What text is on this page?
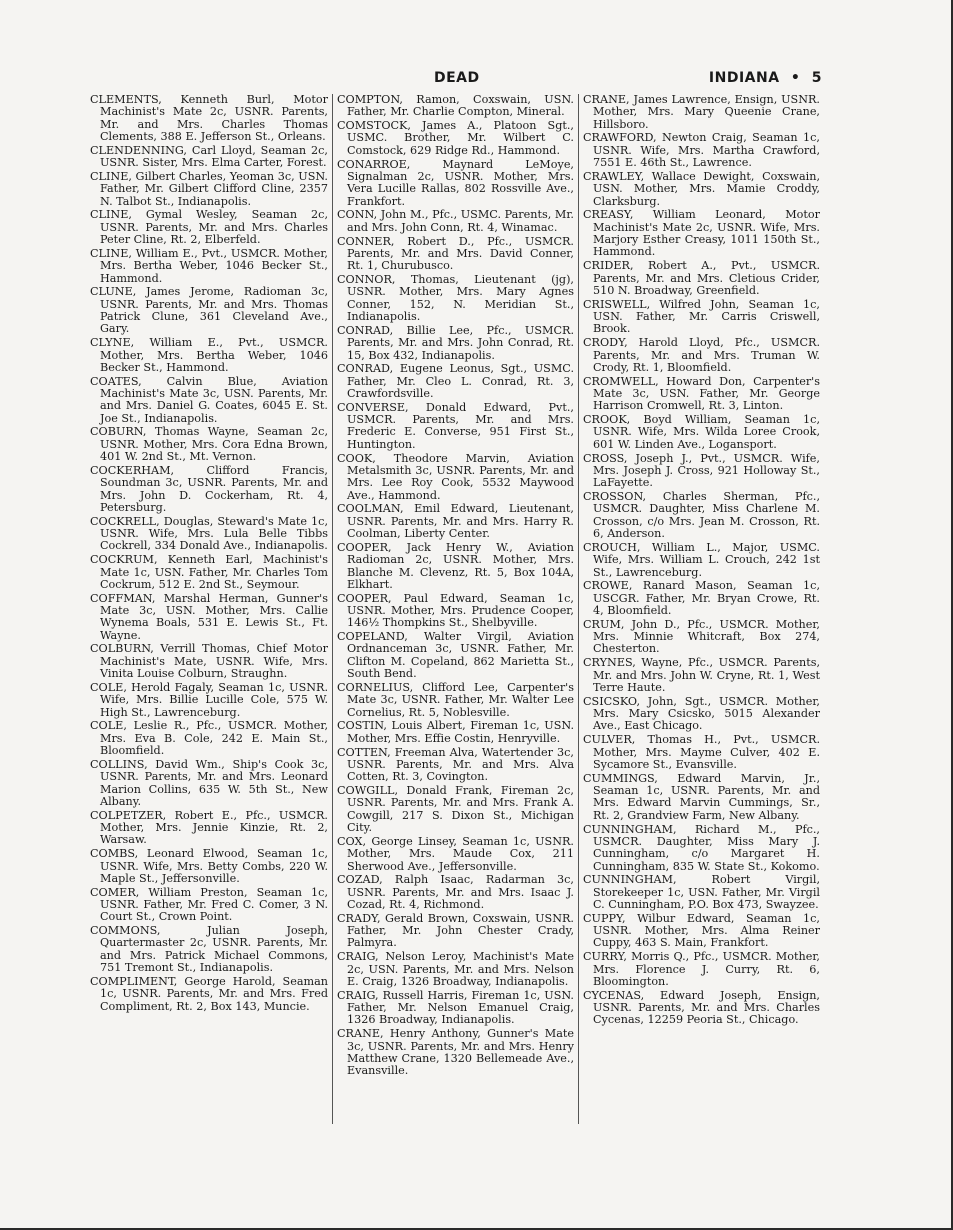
DEAD	INDIANA • 5

CLEMENTS, Kenneth Burl, Motor Machinist's Mate 2c, USNR. Parents, Mr. and Mrs. Charles Thomas Clements, 388 E. Jefferson St., Orleans.

CLENDENNING, Carl Lloyd, Seaman 2c, USNR. Sister, Mrs. Elma Carter, Forest.

CLINE, Gilbert Charles, Yeoman 3c, USN. Father, Mr. Gilbert Clifford Cline, 2357 N. Talbot St., Indianapolis.

CLINE, Gymal Wesley, Seaman 2c, USNR. Parents, Mr. and Mrs. Charles Peter Cline, Rt. 2, Elberfeld.

CLINE, William E., Pvt., USMCR. Mother, Mrs. Bertha Weber, 1046 Becker St., Hammond.

CLUNE, James Jerome, Radioman 3c, USNR. Parents, Mr. and Mrs. Thomas Patrick Clune, 361 Cleveland Ave., Gary.

CLYNE, William E., Pvt., USMCR. Mother, Mrs. Bertha Weber, 1046 Becker St., Hammond.

COATES, Calvin Blue, Aviation Machinist's Mate 3c, USN. Parents, Mr. and Mrs. Daniel G. Coates, 6045 E. St. Joe St., Indianapolis.

COBURN, Thomas Wayne, Seaman 2c, USNR. Mother, Mrs. Cora Edna Brown, 401 W. 2nd St., Mt. Vernon.

COCKERHAM, Clifford Francis, Soundman 3c, USNR. Parents, Mr. and Mrs. John D. Cockerham, Rt. 4, Petersburg.

COCKRELL, Douglas, Steward's Mate 1c, USNR. Wife, Mrs. Lula Belle Tibbs Cockrell, 334 Donald Ave., Indianapolis.

COCKRUM, Kenneth Earl, Machinist's Mate 1c, USN. Father, Mr. Charles Tom Cockrum, 512 E. 2nd St., Seymour.

COFFMAN, Marshal Herman, Gunner's Mate 3c, USN. Mother, Mrs. Callie Wynema Boals, 531 E. Lewis St., Ft. Wayne.

COLBURN, Verrill Thomas, Chief Motor Machinist's Mate, USNR. Wife, Mrs. Vinita Louise Colburn, Straughn.

COLE, Herold Fagaly, Seaman 1c, USNR. Wife, Mrs. Billie Lucille Cole, 575 W. High St., Lawrenceburg.

COLE, Leslie R., Pfc., USMCR. Mother, Mrs. Eva B. Cole, 242 E. Main St., Bloomfield.

COLLINS, David Wm., Ship's Cook 3c, USNR. Parents, Mr. and Mrs. Leonard Marion Collins, 635 W. 5th St., New Albany.

COLPETZER, Robert E., Pfc., USMCR. Mother, Mrs. Jennie Kinzie, Rt. 2, Warsaw.

COMBS, Leonard Elwood, Seaman 1c, USNR. Wife, Mrs. Betty Combs, 220 W. Maple St., Jeffersonville.

COMER, William Preston, Seaman 1c, USNR. Father, Mr. Fred C. Comer, 3 N. Court St., Crown Point.

COMMONS, Julian Joseph, Quartermaster 2c, USNR. Parents, Mr. and Mrs. Patrick Michael Commons, 751 Tremont St., Indianapolis.

COMPLIMENT, George Harold, Seaman 1c, USNR. Parents, Mr. and Mrs. Fred Compliment, Rt. 2, Box 143, Muncie.

COMPTON, Ramon, Coxswain, USN. Father, Mr. Charlie Compton, Mineral.

COMSTOCK, James A., Platoon Sgt., USMC. Brother, Mr. Wilbert C. Comstock, 629 Ridge Rd., Hammond.

CONARROE, Maynard LeMoye, Signalman 2c, USNR. Mother, Mrs. Vera Lucille Rallas, 802 Rossville Ave., Frankfort.

CONN, John M., Pfc., USMC. Parents, Mr. and Mrs. John Conn, Rt. 4, Winamac.

CONNER, Robert D., Pfc., USMCR. Parents, Mr. and Mrs. David Conner, Rt. 1, Churubusco.

CONNOR, Thomas, Lieutenant (jg), USNR. Mother, Mrs. Mary Agnes Conner, 152, N. Meridian St., Indianapolis.

CONRAD, Billie Lee, Pfc., USMCR. Parents, Mr. and Mrs. John Conrad, Rt. 15, Box 432, Indianapolis.

CONRAD, Eugene Leonus, Sgt., USMC. Father, Mr. Cleo L. Conrad, Rt. 3, Crawfordsville.

CONVERSE, Donald Edward, Pvt., USMCR. Parents, Mr. and Mrs. Frederic E. Converse, 951 First St., Huntington.

COOK, Theodore Marvin, Aviation Metalsmith 3c, USNR. Parents, Mr. and Mrs. Lee Roy Cook, 5532 Maywood Ave., Hammond.

COOLMAN, Emil Edward, Lieutenant, USNR. Parents, Mr. and Mrs. Harry R. Coolman, Liberty Center.

COOPER, Jack Henry W., Aviation Radioman 2c, USNR. Mother, Mrs. Blanche M. Clevenz, Rt. 5, Box 104A, Elkhart.

COOPER, Paul Edward, Seaman 1c, USNR. Mother, Mrs. Prudence Cooper, 146½ Thompkins St., Shelbyville.

COPELAND, Walter Virgil, Aviation Ordnanceman 3c, USNR. Father, Mr. Clifton M. Copeland, 862 Marietta St., South Bend.

CORNELIUS, Clifford Lee, Carpenter's Mate 3c, USNR. Father, Mr. Walter Lee Cornelius, Rt. 5, Noblesville.

COSTIN, Louis Albert, Fireman 1c, USN. Mother, Mrs. Effie Costin, Henryville.

COTTEN, Freeman Alva, Watertender 3c, USNR. Parents, Mr. and Mrs. Alva Cotten, Rt. 3, Covington.

COWGILL, Donald Frank, Fireman 2c, USNR. Parents, Mr. and Mrs. Frank A. Cowgill, 217 S. Dixon St., Michigan City.

COX, George Linsey, Seaman 1c, USNR. Mother, Mrs. Maude Cox, 211 Sherwood Ave., Jeffersonville.

COZAD, Ralph Isaac, Radarman 3c, USNR. Parents, Mr. and Mrs. Isaac J. Cozad, Rt. 4, Richmond.

CRADY, Gerald Brown, Coxswain, USNR. Father, Mr. John Chester Crady, Palmyra.

CRAIG, Nelson Leroy, Machinist's Mate 2c, USN. Parents, Mr. and Mrs. Nelson E. Craig, 1326 Broadway, Indianapolis.

CRAIG, Russell Harris, Fireman 1c, USN. Father, Mr. Nelson Emanuel Craig, 1326 Broadway, Indianapolis.

CRANE, Henry Anthony, Gunner's Mate 3c, USNR. Parents, Mr. and Mrs. Henry Matthew Crane, 1320 Bellemeade Ave., Evansville.

CRANE, James Lawrence, Ensign, USNR. Mother, Mrs. Mary Queenie Crane, Hillsboro.

CRAWFORD, Newton Craig, Seaman 1c, USNR. Wife, Mrs. Martha Crawford, 7551 E. 46th St., Lawrence.

CRAWLEY, Wallace Dewight, Coxswain, USN. Mother, Mrs. Mamie Croddy, Clarksburg.

CREASY, William Leonard, Motor Machinist's Mate 2c, USNR. Wife, Mrs. Marjory Esther Creasy, 1011 150th St., Hammond.

CRIDER, Robert A., Pvt., USMCR. Parents, Mr. and Mrs. Cletious Crider, 510 N. Broadway, Greenfield.

CRISWELL, Wilfred John, Seaman 1c, USN. Father, Mr. Carris Criswell, Brook.

CRODY, Harold Lloyd, Pfc., USMCR. Parents, Mr. and Mrs. Truman W. Crody, Rt. 1, Bloomfield.

CROMWELL, Howard Don, Carpenter's Mate 3c, USN. Father, Mr. George Harrison Cromwell, Rt. 3, Linton.

CROOK, Boyd William, Seaman 1c, USNR. Wife, Mrs. Wilda Loree Crook, 601 W. Linden Ave., Logansport.

CROSS, Joseph J., Pvt., USMCR. Wife, Mrs. Joseph J. Cross, 921 Holloway St., LaFayette.

CROSSON, Charles Sherman, Pfc., USMCR. Daughter, Miss Charlene M. Crosson, c/o Mrs. Jean M. Crosson, Rt. 6, Anderson.

CROUCH, William L., Major, USMC. Wife, Mrs. William L. Crouch, 242 1st St., Lawrenceburg.

CROWE, Ranard Mason, Seaman 1c, USCGR. Father, Mr. Bryan Crowe, Rt. 4, Bloomfield.

CRUM, John D., Pfc., USMCR. Mother, Mrs. Minnie Whitcraft, Box 274, Chesterton.

CRYNES, Wayne, Pfc., USMCR. Parents, Mr. and Mrs. John W. Cryne, Rt. 1, West Terre Haute.

CSICSKO, John, Sgt., USMCR. Mother, Mrs. Mary Csicsko, 5015 Alexander Ave., East Chicago.

CULVER, Thomas H., Pvt., USMCR. Mother, Mrs. Mayme Culver, 402 E. Sycamore St., Evansville.

CUMMINGS, Edward Marvin, Jr., Seaman 1c, USNR. Parents, Mr. and Mrs. Edward Marvin Cummings, Sr., Rt. 2, Grandview Farm, New Albany.

CUNNINGHAM, Richard M., Pfc., USMCR. Daughter, Miss Mary J. Cunningham, c/o Margaret H. Cunningham, 835 W. State St., Kokomo.

CUNNINGHAM, Robert Virgil, Storekeeper 1c, USN. Father, Mr. Virgil C. Cunningham, P.O. Box 473, Swayzee.

CUPPY, Wilbur Edward, Seaman 1c, USNR. Mother, Mrs. Alma Reiner Cuppy, 463 S. Main, Frankfort.

CURRY, Morris Q., Pfc., USMCR. Mother, Mrs. Florence J. Curry, Rt. 6, Bloomington.

CYCENAS, Edward Joseph, Ensign, USNR. Parents, Mr. and Mrs. Charles Cycenas, 12259 Peoria St., Chicago.
